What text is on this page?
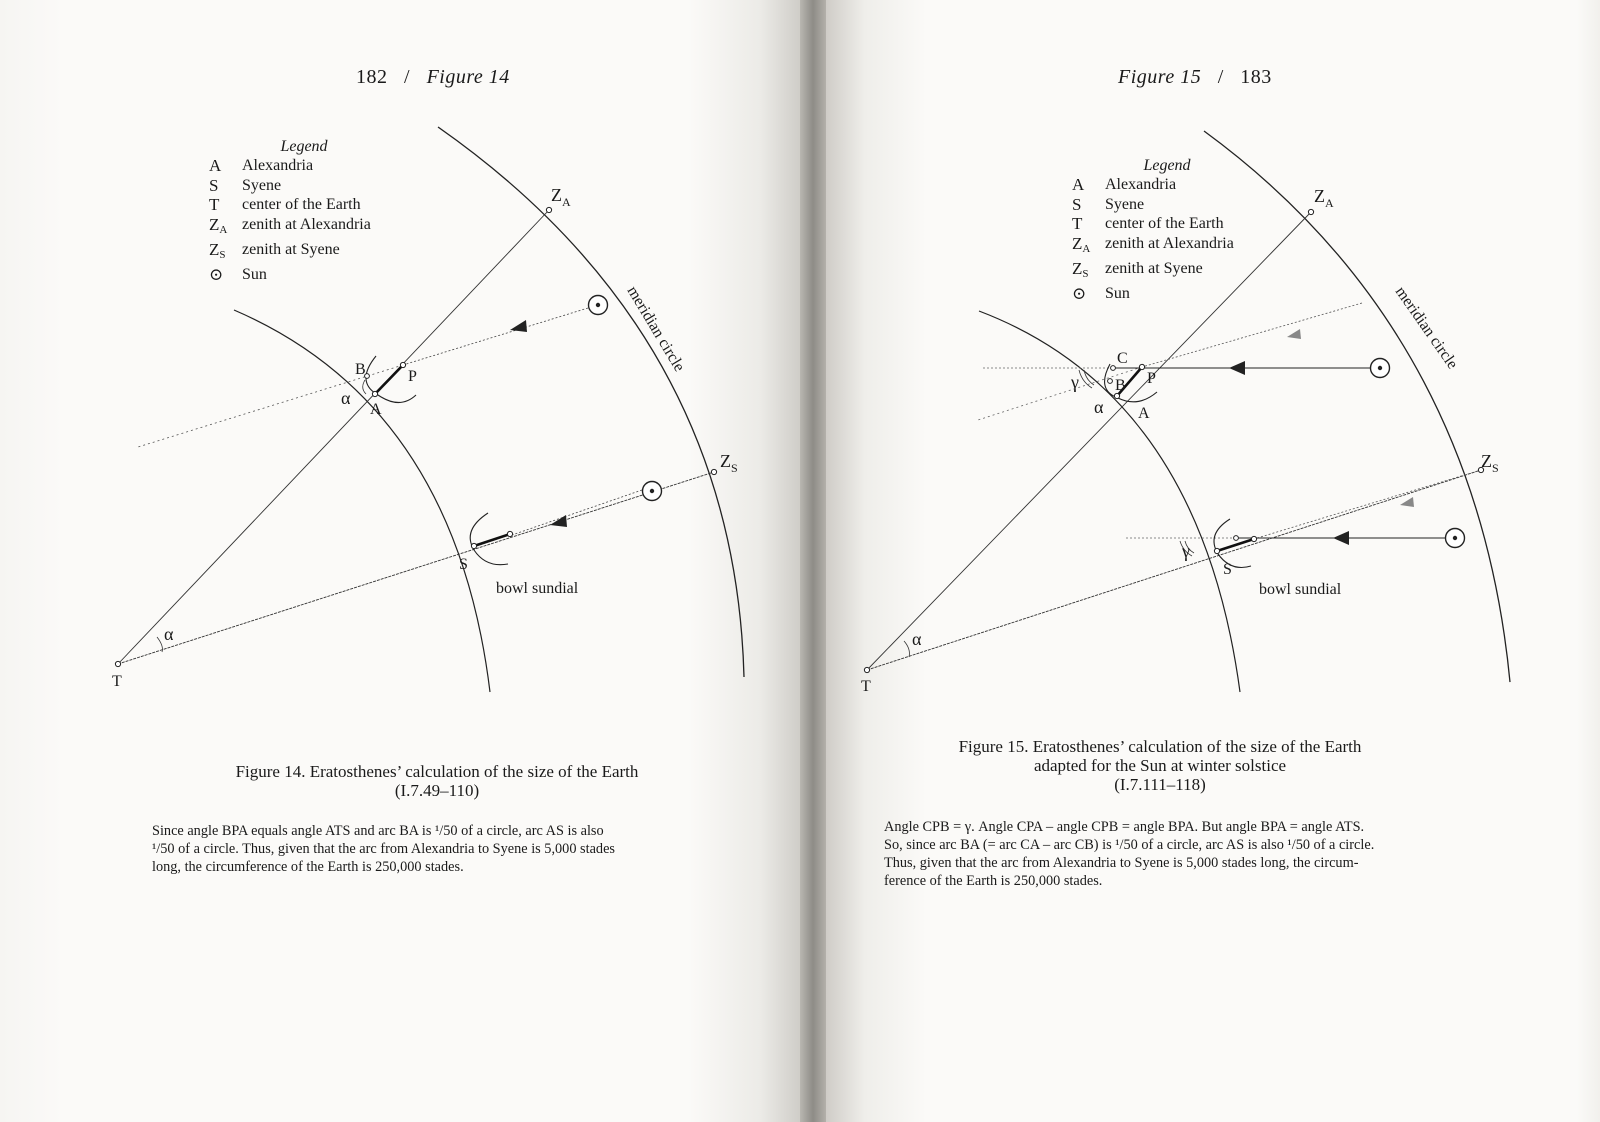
182 / Figure 14
Legend
A	Alexandria
S	Syene
T	center of the Earth
$Z_A$ zenith at Alexandria
$Z_S$	zenith at Syene
⊙	Sun
$Z_A$
$Z_S$
meridian circle
B	P
A
α
S
α
T
bowl sundial
Figure 14. Eratosthenes’ calculation of the size of the Earth
(I.7.49–110)
Since angle BPA equals angle ATS and arc BA is ¹/50 of a circle, arc AS is also
¹/50 of a circle. Thus, given that the arc from Alexandria to Syene is 5,000 stades
long, the circumference of the Earth is 250,000 stades.
Figure 15 / 183
Legend
A	Alexandria
S	Syene
T	center of the Earth
$Z_A$ zenith at Alexandria
$Z_S$	zenith at Syene
⊙	Sun
$Z_A$
$Z_S$
meridian circle
C
γ B P
α A
γ
S
α
T
bowl sundial
Figure 15. Eratosthenes’ calculation of the size of the Earth
adapted for the Sun at winter solstice
(I.7.111–118)
Angle CPB = γ. Angle CPA – angle CPB = angle BPA. But angle BPA = angle ATS.
So, since arc BA (= arc CA – arc CB) is ¹/50 of a circle, arc AS is also ¹/50 of a circle.
Thus, given that the arc from Alexandria to Syene is 5,000 stades long, the circum-
ference of the Earth is 250,000 stades.
